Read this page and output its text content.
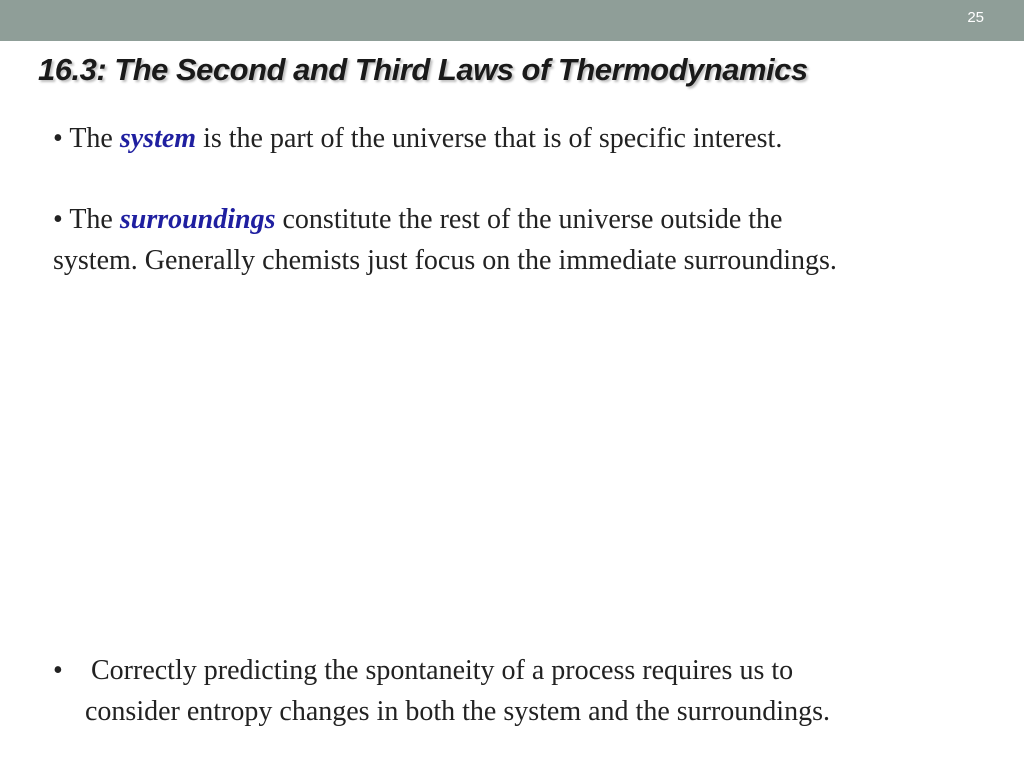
25
16.3: The Second and Third Laws of Thermodynamics
• The system is the part of the universe that is of specific interest.
• The surroundings constitute the rest of the universe outside the
system. Generally chemists just focus on the immediate surroundings.
• Correctly predicting the spontaneity of a process requires us to
consider entropy changes in both the system and the surroundings.
